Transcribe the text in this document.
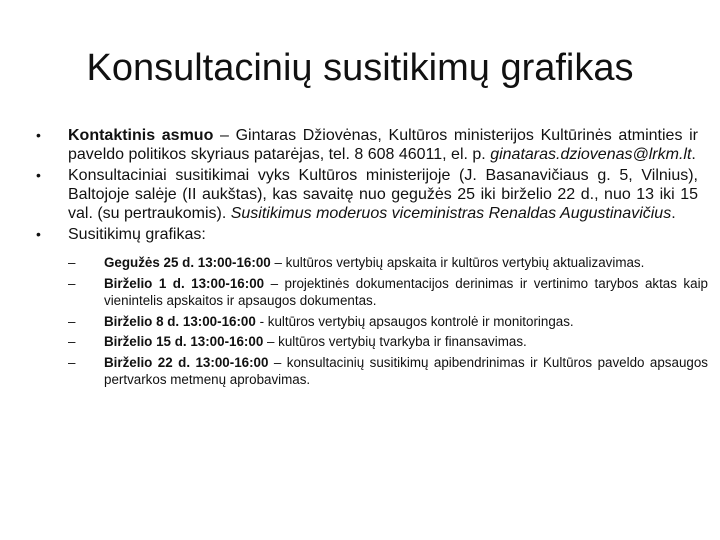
Konsultacinių susitikimų grafikas
• Kontaktinis asmuo – Gintaras Džiovėnas, Kultūros ministerijos Kultūrinės atminties ir paveldo politikos skyriaus patarėjas, tel. 8 608 46011, el. p. ginataras.dziovenas@lrkm.lt.
• Konsultaciniai susitikimai vyks Kultūros ministerijoje (J. Basanavičiaus g. 5, Vilnius), Baltojoje salėje (II aukštas), kas savaitę nuo gegužės 25 iki birželio 22 d., nuo 13 iki 15 val. (su pertraukomis). Susitikimus moderuos viceministras Renaldas Augustinavičius.
• Susitikimų grafikas:
– Gegužės 25 d. 13:00-16:00 – kultūros vertybių apskaita ir kultūros vertybių aktualizavimas.
– Birželio 1 d. 13:00-16:00 – projektinės dokumentacijos derinimas ir vertinimo tarybos aktas kaip vienintelis apskaitos ir apsaugos dokumentas.
– Birželio 8 d. 13:00-16:00 - kultūros vertybių apsaugos kontrolė ir monitoringas.
– Birželio 15 d. 13:00-16:00 – kultūros vertybių tvarkyba ir finansavimas.
– Birželio 22 d. 13:00-16:00 – konsultacinių susitikimų apibendrinimas ir Kultūros paveldo apsaugos pertvarkos metmenų aprobavimas.
